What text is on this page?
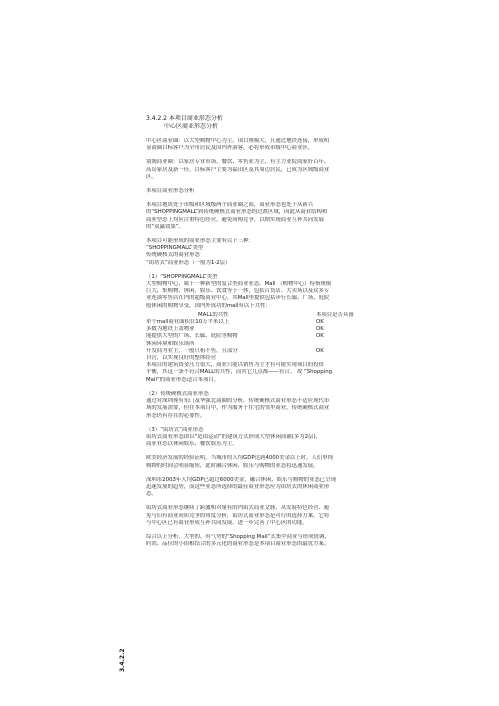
3.4.2.2 本项目商业形态分析
中心区商业形态分析
中心区商业圈：以大型购物中心为主，项目规模大，且通过地铁连接，形成明
显商圈目标客户为全市居民及国内外游客，必将形成市级中心商业区。
别阁商业圈：以家居专业市场、餐饮、零售业为主，有主力业院商家好百年、
高岛家居及新一佳。目标客户主要为福田区及其周边居民，已成为区域级商业
区。
本项目商业形态分析
本项目地块处于市级和区域级两个商业圈之间，商业形态也处于从新兴
的“SHOPPINGMALL”到传统硬核式商业形态的过渡区域，因此从商业结构和
商业型态上均应注重特色经营，避免同构竞争，以期实现商业互补共同发展
的“双赢效果”。
本项目可能形成的商业形态主要有以下三种：
“SHOPPINGMALL”类型
传统硬核式的商业形态
“街坊式”商业形态（一般为1-2层）
（1）“SHOPPINGMALL”类型
大型购物中心，属于一种新型的复合型商业业态。Mall （购物中心）特指规模
巨大，集购物、休闲、娱乐、饮食等于一体，包括百货店、大卖场以及众多专
业连锁零售店在内的超级商业中心。其Mall里提供包括步行长廊、广场、庭院
般休闲的购物享受。国内外成功的mall有以下共性：
MALL的共性	本项目是否具备
单个mall商业面积在10万平米以上	OK
多数为地铁上盖物业	OK
能提供大型的广场、长廊、庭院等购物	OK
休闲环境和娱乐场所
开发商为业主，一般只租不售，且部分	OK
自营，以实现良好的整体经营
本项目的建筑资金压力很大，商业只能以销售为主才有可能实现项目的投资
平衡，其这一条不符合MALL的共性，而其它几点都——符合。 故 “Shopping
Mall”的商业形态适合本项目。
（2）传统硬核式商业形态
通过对深圳现有东门及华强北商圈的分析，传统硬核式商业形态不适应现代市
场的发展需要，但在本项目中，作为服务于住宅的邻里商业，传统硬核式商业
形态仍有存在的必要性。
（3）“街坊式”商业形态
街坊式商业形态即以“造街运动”的建筑方式形成大型休闲商铺(多为2层)，
商业业态以休闲娱乐、餐饮娱乐为主。
欧美经济发展的经验证明，当城市的人均GDP达到4000美金以上时，人们单纯
购物的时间会明显缩短，此时融合休闲、娱乐与购物的业态将迅速发展。
深圳市2003年人均GDP已超过6000美金，融合休闲、娱乐与购物的业态已呈现
迅速发展的趋势，而这些业态所选择的最佳商业形态应为街坊式的休闲商业形
态。
街坊式商业形态继续了跨激相对量有的内街式商业文脉，从发展特色经营、避
免与旧有商业同质竞争的角度分析，街坊式商业形态是可行的选择方案，它将
与中心区已有商业形成互补共同发展，进一步完善了中心区的功能。
综合以上分析，大型的、有气势的“Shopping Mall”式集中商业与形成情调、
时尚、品位的小街相结合的多元化的商业形态是本项目商业形态的最优方案。
3.4.2.2
